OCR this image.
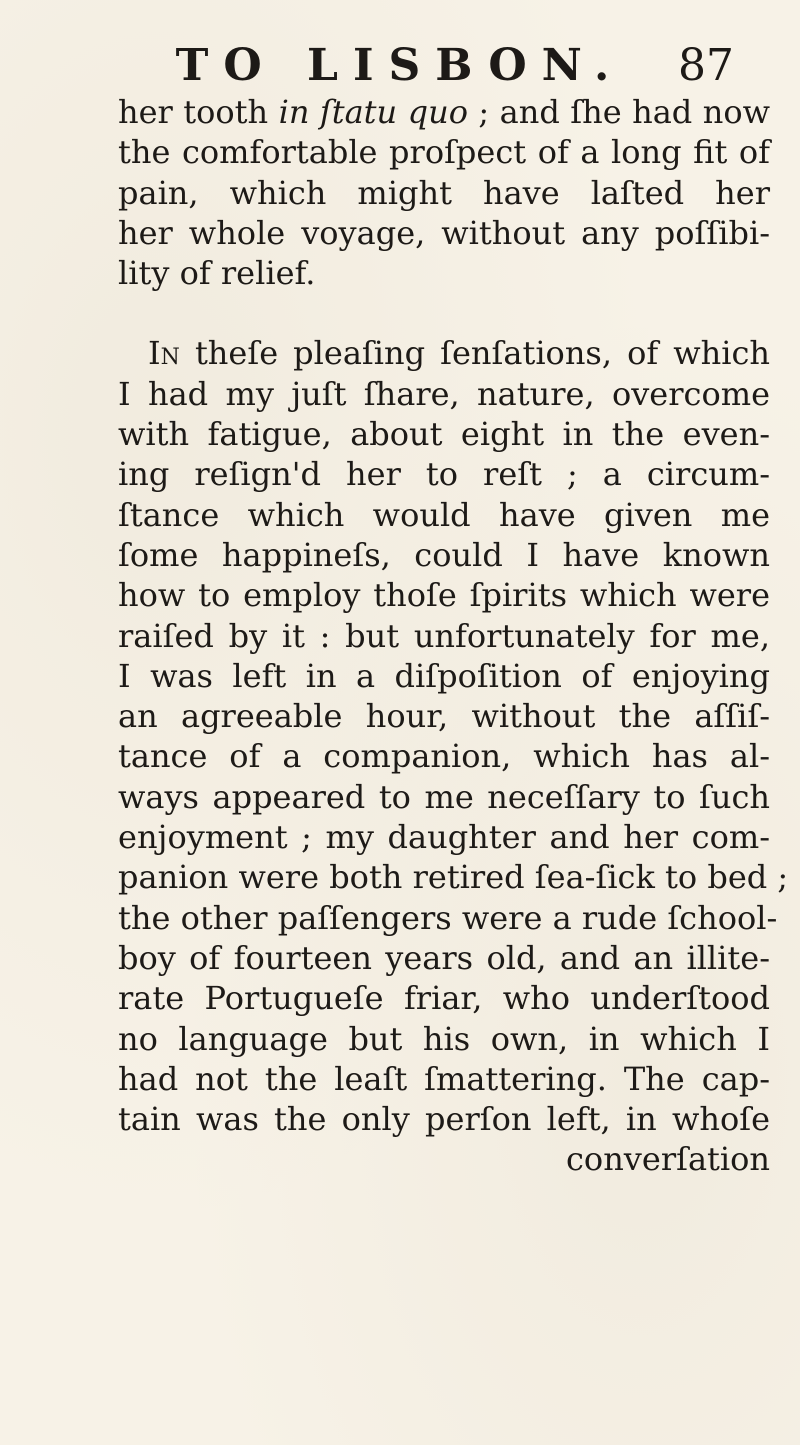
TO LISBON.	87
her tooth in ſtatu quo ; and ſhe had now
the comfortable proſpect of a long fit of
pain, which might have laſted her
her whole voyage, without any poſſibi-
lity of relief.
In theſe pleaſing ſenſations, of which
I had my juſt ſhare, nature, overcome
with fatigue, about eight in the even-
ing reſign'd her to reſt ; a circum-
ſtance which would have given me
ſome happineſs, could I have known
how to employ thoſe ſpirits which were
raiſed by it : but unfortunately for me,
I was left in a diſpoſition of enjoying
an agreeable hour, without the aſſiſ-
tance of a companion, which has al-
ways appeared to me neceſſary to ſuch
enjoyment ; my daughter and her com-
panion were both retired ſea-ſick to bed ;
the other paſſengers were a rude ſchool-
boy of fourteen years old, and an illite-
rate Portugueſe friar, who underſtood
no language but his own, in which I
had not the leaſt ſmattering. The cap-
tain was the only perſon left, in whoſe
converſation
